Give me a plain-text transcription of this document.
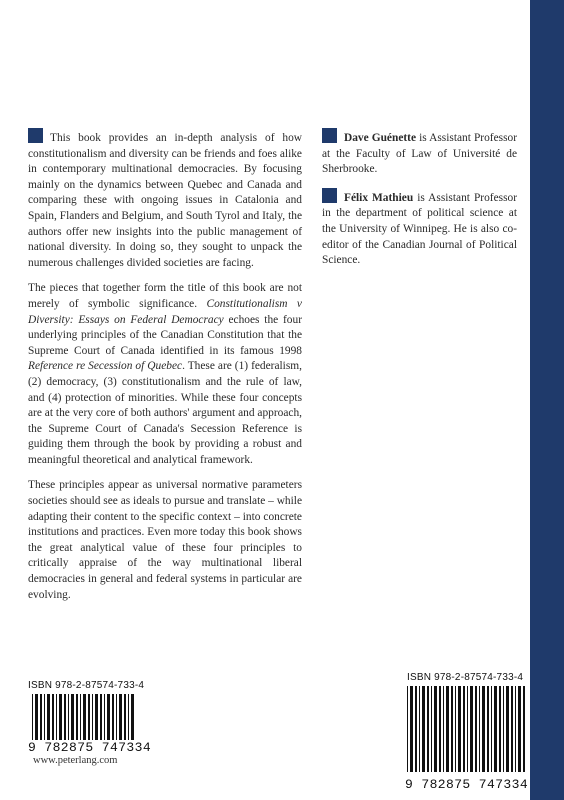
This book provides an in-depth analysis of how constitutionalism and diversity can be friends and foes alike in contemporary multinational democracies. By focusing mainly on the dynamics between Quebec and Canada and comparing these with ongoing issues in Catalonia and Spain, Flanders and Belgium, and South Tyrol and Italy, the authors offer new insights into the public management of national diversity. In doing so, they sought to unpack the numerous challenges divided societies are facing.

The pieces that together form the title of this book are not merely of symbolic significance. Constitutionalism v Diversity: Essays on Federal Democracy echoes the four underlying principles of the Canadian Constitution that the Supreme Court of Canada identified in its famous 1998 Reference re Secession of Quebec. These are (1) federalism, (2) democracy, (3) constitutionalism and the rule of law, and (4) protection of minorities. While these four concepts are at the very core of both authors' argument and approach, the Supreme Court of Canada's Secession Reference is guiding them through the book by providing a robust and meaningful theoretical and analytical framework.

These principles appear as universal normative parameters societies should see as ideals to pursue and translate – while adapting their content to the specific context – into concrete institutions and practices. Even more today this book shows the great analytical value of these four principles to critically appraise of the way multinational liberal democracies in general and federal systems in particular are evolving.

Dave Guénette is Assistant Professor at the Faculty of Law of Université de Sherbrooke.

Félix Mathieu is Assistant Professor in the department of political science at the University of Winnipeg. He is also co-editor of the Canadian Journal of Political Science.

ISBN 978-2-87574-733-4
9 782875 747334
www.peterlang.com
ISBN 978-2-87574-733-4
9 782875 747334
